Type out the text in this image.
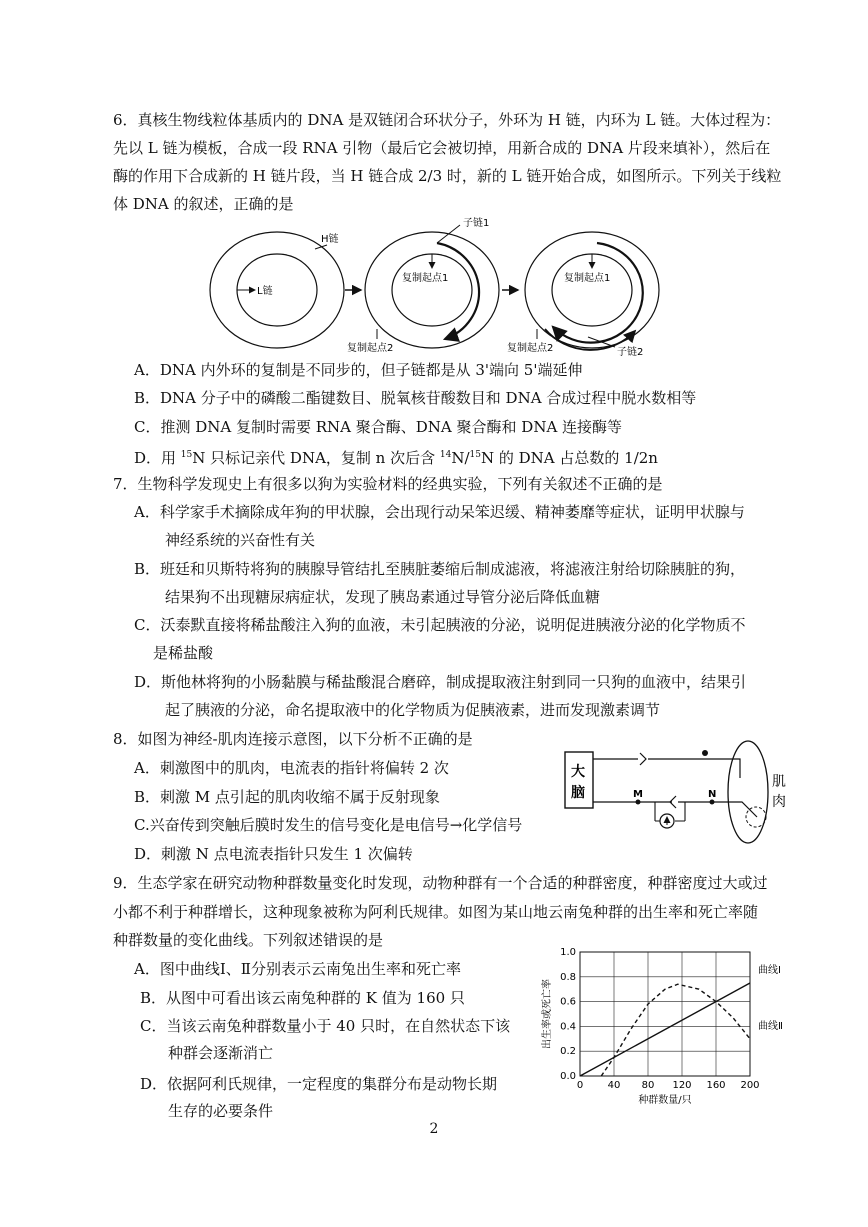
6．真核生物线粒体基质内的 DNA 是双链闭合环状分子，外环为 H 链，内环为 L 链。大体过程为：
先以 L 链为模板，合成一段 RNA 引物（最后它会被切掉，用新合成的 DNA 片段来填补），然后在
酶的作用下合成新的 H 链片段，当 H 链合成 2/3 时，新的 L 链开始合成，如图所示。下列关于线粒
体 DNA 的叙述，正确的是
L链
H链
复制起点1
子链1
复制起点2
复制起点1
子链2
复制起点2
A．DNA 内外环的复制是不同步的，但子链都是从 3'端向 5'端延伸
B．DNA 分子中的磷酸二酯键数目、脱氧核苷酸数目和 DNA 合成过程中脱水数相等
C．推测 DNA 复制时需要 RNA 聚合酶、DNA 聚合酶和 DNA 连接酶等
D．用 $^{15}$N 只标记亲代 DNA，复制 n 次后含 $^{14}$N/$^{15}$N 的 DNA 占总数的 1/2n
7．生物科学发现史上有很多以狗为实验材料的经典实验，下列有关叙述不正确的是
A．科学家手术摘除成年狗的甲状腺，会出现行动呆笨迟缓、精神萎靡等症状，证明甲状腺与
神经系统的兴奋性有关
B．班廷和贝斯特将狗的胰腺导管结扎至胰脏萎缩后制成滤液，将滤液注射给切除胰脏的狗，
结果狗不出现糖尿病症状，发现了胰岛素通过导管分泌后降低血糖
C．沃泰默直接将稀盐酸注入狗的血液，未引起胰液的分泌，说明促进胰液分泌的化学物质不
是稀盐酸
D．斯他林将狗的小肠黏膜与稀盐酸混合磨碎，制成提取液注射到同一只狗的血液中，结果引
起了胰液的分泌，命名提取液中的化学物质为促胰液素，进而发现激素调节
8．如图为神经-肌肉连接示意图，以下分析不正确的是
A．刺激图中的肌肉，电流表的指针将偏转 2 次
B．刺激 M 点引起的肌肉收缩不属于反射现象
C.兴奋传到突触后膜时发生的信号变化是电信号→化学信号
D．刺激 N 点电流表指针只发生 1 次偏转
大
脑	M	N
肌
肉
9．生态学家在研究动物种群数量变化时发现，动物种群有一个合适的种群密度，种群密度过大或过
小都不利于种群增长，这种现象被称为阿利氏规律。如图为某山地云南兔种群的出生率和死亡率随
种群数量的变化曲线。下列叙述错误的是
A．图中曲线Ⅰ、Ⅱ分别表示云南兔出生率和死亡率
B．从图中可看出该云南兔种群的 K 值为 160 只
C．当该云南兔种群数量小于 40 只时，在自然状态下该
种群会逐渐消亡
D．依据阿利氏规律，一定程度的集群分布是动物长期
生存的必要条件
0 40 80 120 160 200
0.0
0.2
0.4
0.6
0.8
1.0
曲线Ⅰ
曲线Ⅱ
种群数量/只
出生率或死亡率
2
